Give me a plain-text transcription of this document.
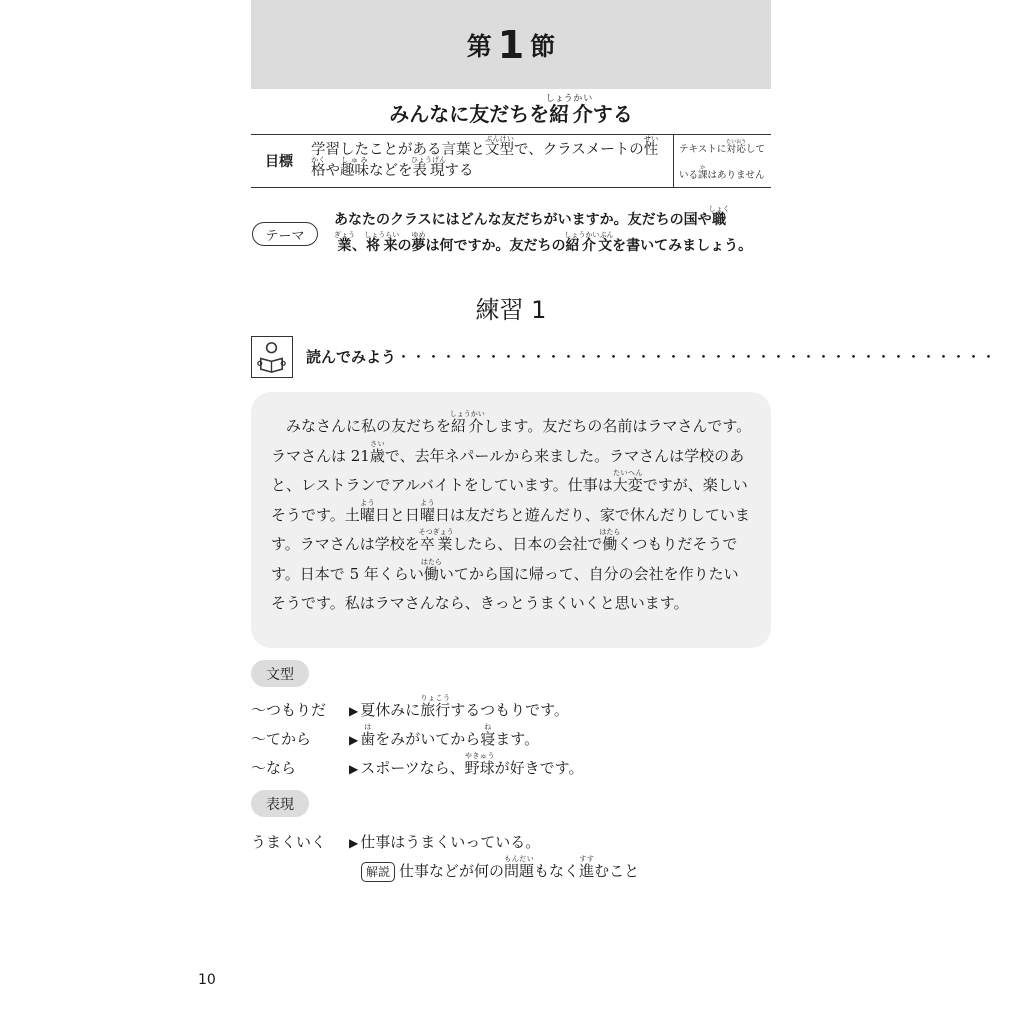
第 1 節
みんなに友だちを紹しょう介かいする
目標
学習したことがある言葉と文型ぶんけいで、クラスメートの性せい
格かくや趣味しゅみなどを表現ひょうげんする
テキストに対応たいおうして
いる課かはありません
テーマ
あなたのクラスにはどんな友だちがいますか。友だちの国や職しょく
業ぎょう、将来しょうらいの夢ゆめは何ですか。友だちの紹介文しょうかいぶんを書いてみましょう。
練習 1
読んでみよう・・・・・・・・・・・・・・・・・・・・・・・・・・・・・・・・・・・・・・・・

みなさんに私の友だちを紹介しょうかいします。友だちの名前はラマさんです。ラマさんは 21歳さいで、去年ネパールから来ました。ラマさんは学校のあと、レストランでアルバイトをしています。仕事は大変たいへんですが、楽しいそうです。土曜よう日と日曜よう日は友だちと遊んだり、家で休んだりしています。ラマさんは学校を卒業そつぎょうしたら、日本の会社で働はたらくつもりだそうです。日本で 5 年くらい働はたらいてから国に帰って、自分の会社を作りたいそうです。私はラマさんなら、きっとうまくいくと思います。

文型
〜つもりだ	▶ 夏休みに旅行りょこうするつもりです。
〜てから	▶ 歯はをみがいてから寝ねます。
〜なら	▶ スポーツなら、野球やきゅうが好きです。
表現
うまくいく	▶ 仕事はうまくいっている。
解説 仕事などが何の問題もんだいもなく進すすむこと
10
